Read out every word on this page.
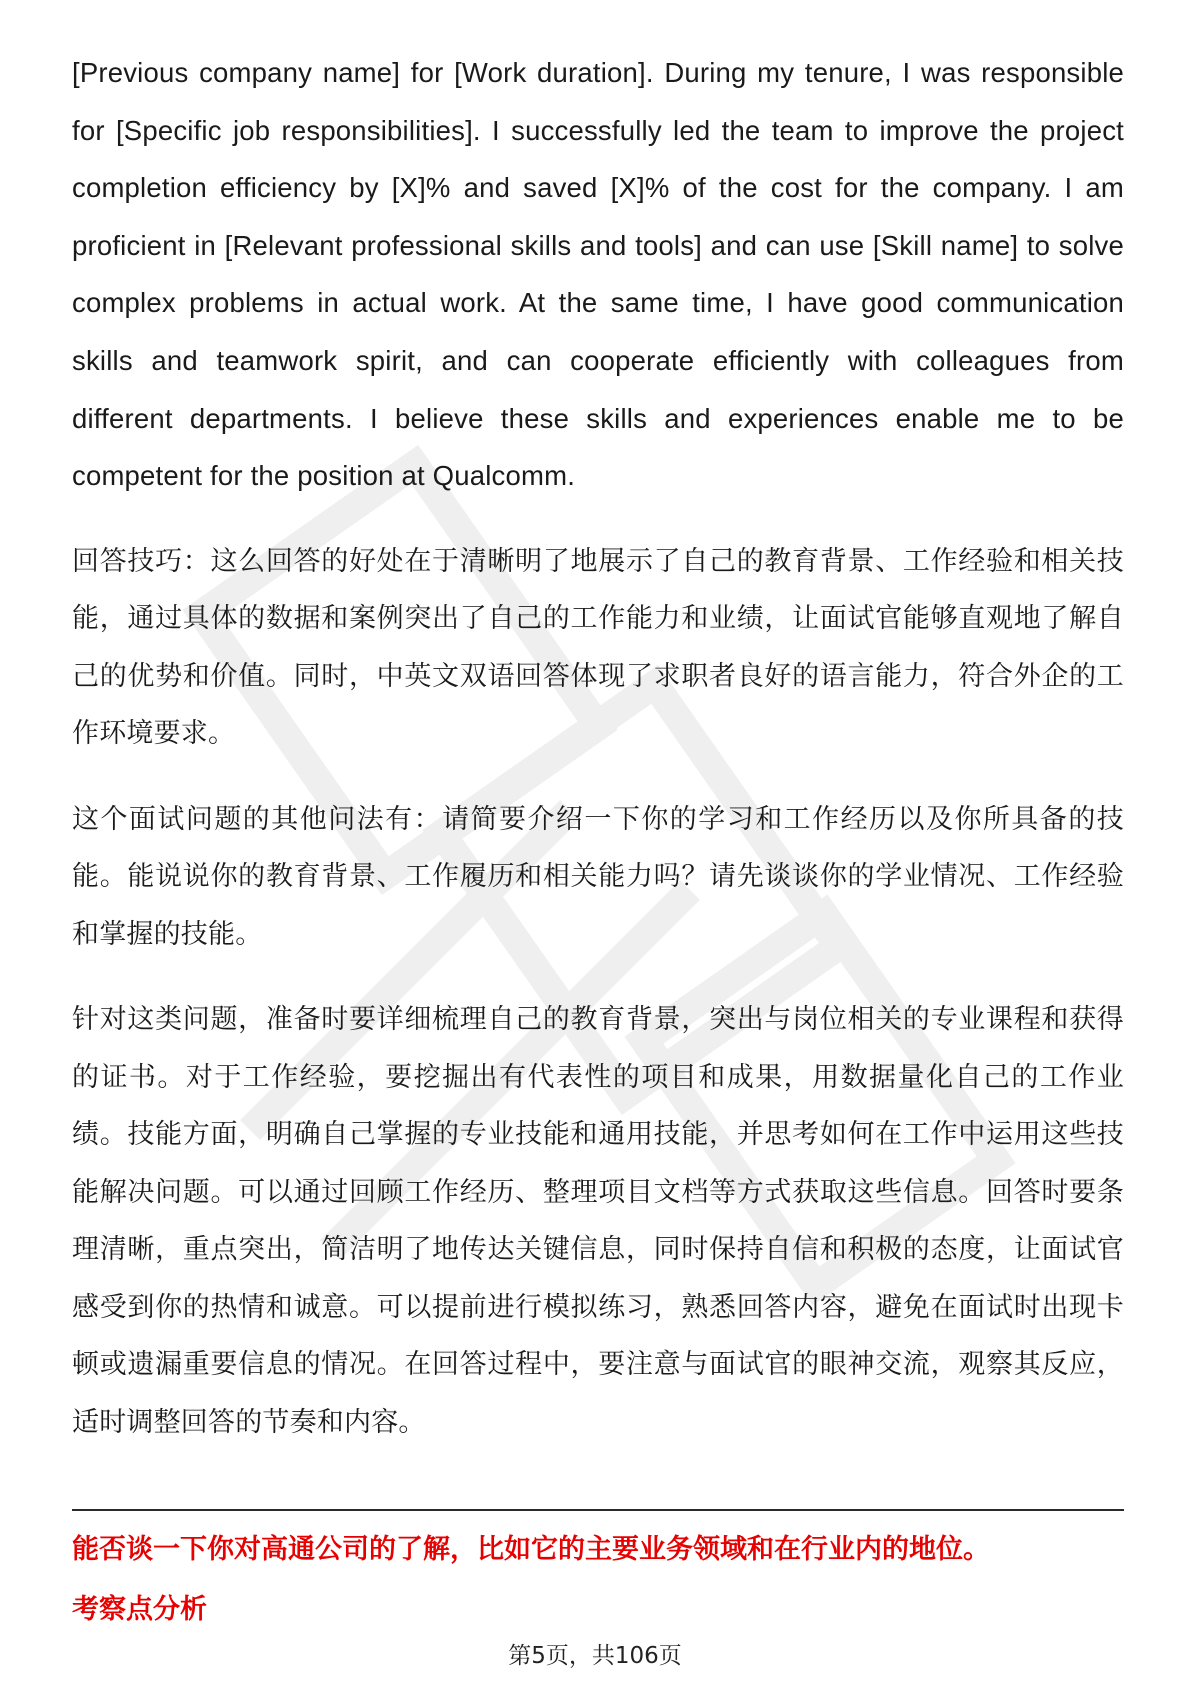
[Previous company name] for [Work duration]. During my tenure, I was responsible for [Specific job responsibilities]. I successfully led the team to improve the project completion efficiency by [X]% and saved [X]% of the cost for the company. I am proficient in [Relevant professional skills and tools] and can use [Skill name] to solve complex problems in actual work. At the same time, I have good communication skills and teamwork spirit, and can cooperate efficiently with colleagues from different departments. I believe these skills and experiences enable me to be competent for the position at Qualcomm.

回答技巧：这么回答的好处在于清晰明了地展示了自己的教育背景、工作经验和相关技能，通过具体的数据和案例突出了自己的工作能力和业绩，让面试官能够直观地了解自己的优势和价值。同时，中英文双语回答体现了求职者良好的语言能力，符合外企的工作环境要求。

这个面试问题的其他问法有：请简要介绍一下你的学习和工作经历以及你所具备的技能。能说说你的教育背景、工作履历和相关能力吗？请先谈谈你的学业情况、工作经验和掌握的技能。

针对这类问题，准备时要详细梳理自己的教育背景，突出与岗位相关的专业课程和获得的证书。对于工作经验，要挖掘出有代表性的项目和成果，用数据量化自己的工作业绩。技能方面，明确自己掌握的专业技能和通用技能，并思考如何在工作中运用这些技能解决问题。可以通过回顾工作经历、整理项目文档等方式获取这些信息。回答时要条理清晰，重点突出，简洁明了地传达关键信息，同时保持自信和积极的态度，让面试官感受到你的热情和诚意。可以提前进行模拟练习，熟悉回答内容，避免在面试时出现卡顿或遗漏重要信息的情况。在回答过程中，要注意与面试官的眼神交流，观察其反应，适时调整回答的节奏和内容。

能否谈一下你对高通公司的了解，比如它的主要业务领域和在行业内的地位。
考察点分析
第5页，共106页
